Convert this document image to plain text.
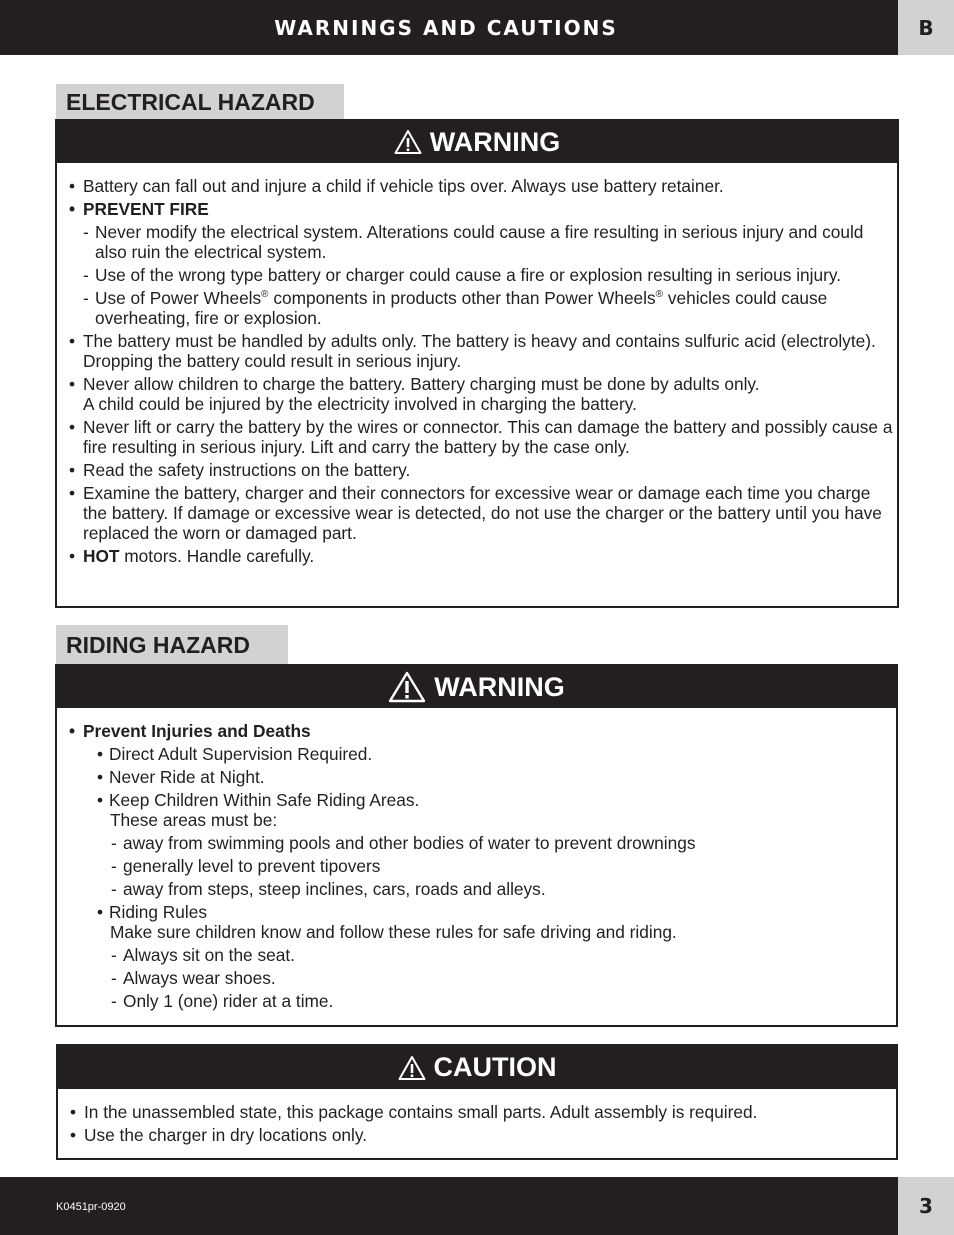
WARNINGS AND CAUTIONS	B
ELECTRICAL HAZARD
WARNING
• Battery can fall out and injure a child if vehicle tips over. Always use battery retainer.
• PREVENT FIRE
- Never modify the electrical system. Alterations could cause a fire resulting in serious injury and could also ruin the electrical system.
- Use of the wrong type battery or charger could cause a fire or explosion resulting in serious injury.
- Use of Power Wheels® components in products other than Power Wheels® vehicles could cause overheating, fire or explosion.
• The battery must be handled by adults only. The battery is heavy and contains sulfuric acid (electrolyte). Dropping the battery could result in serious injury.
• Never allow children to charge the battery. Battery charging must be done by adults only.
A child could be injured by the electricity involved in charging the battery.
• Never lift or carry the battery by the wires or connector. This can damage the battery and possibly cause a fire resulting in serious injury. Lift and carry the battery by the case only.
• Read the safety instructions on the battery.
• Examine the battery, charger and their connectors for excessive wear or damage each time you charge the battery. If damage or excessive wear is detected, do not use the charger or the battery until you have replaced the worn or damaged part.
• HOT motors. Handle carefully.
RIDING HAZARD
WARNING
• Prevent Injuries and Deaths
• Direct Adult Supervision Required.
• Never Ride at Night.
• Keep Children Within Safe Riding Areas.
These areas must be:
- away from swimming pools and other bodies of water to prevent drownings
- generally level to prevent tipovers
- away from steps, steep inclines, cars, roads and alleys.
• Riding Rules
Make sure children know and follow these rules for safe driving and riding.
- Always sit on the seat.
- Always wear shoes.
- Only 1 (one) rider at a time.
CAUTION
• In the unassembled state, this package contains small parts. Adult assembly is required.
• Use the charger in dry locations only.
K0451pr-0920	3
